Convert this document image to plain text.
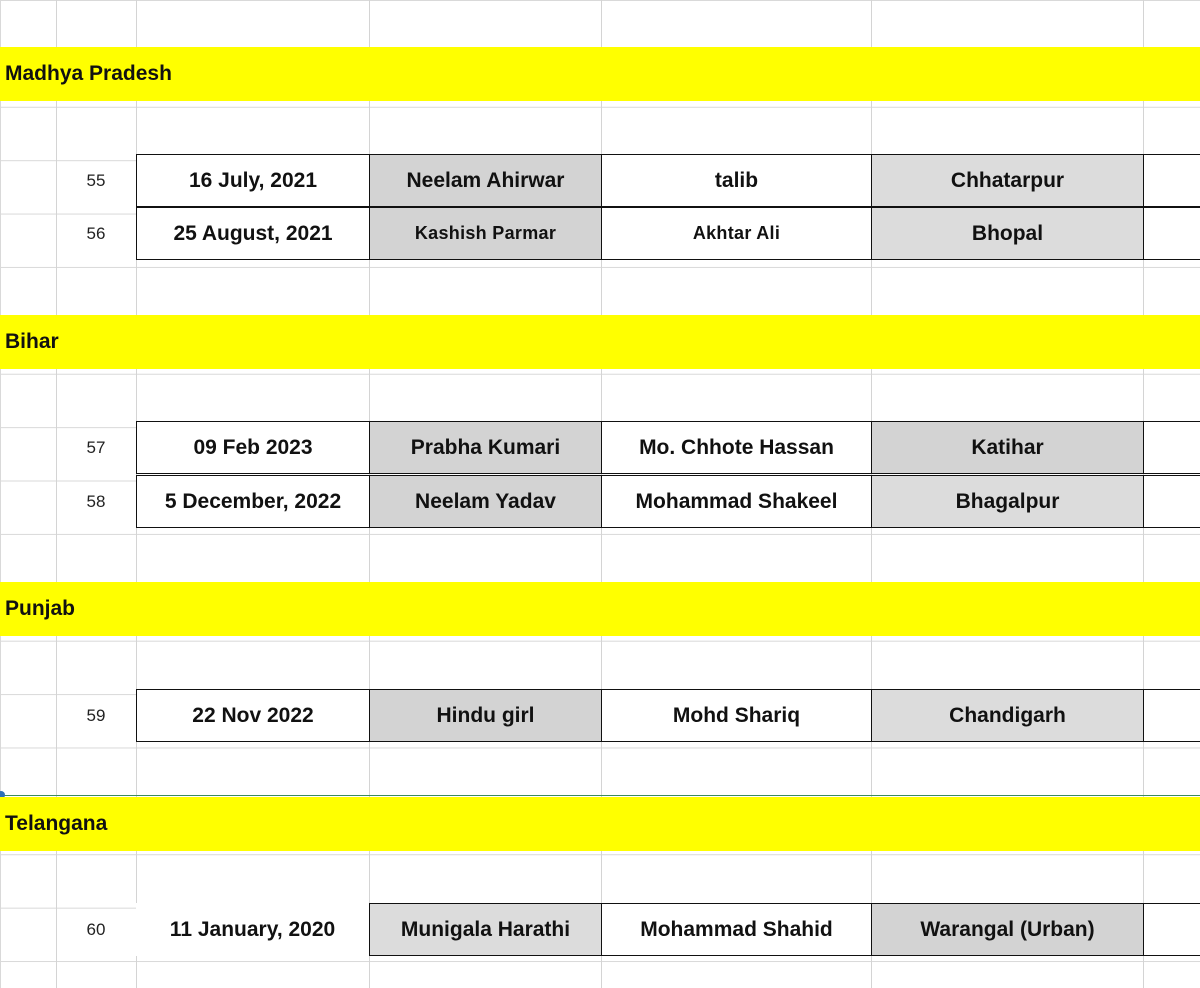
Madhya Pradesh
55	16 July, 2021	Neelam Ahirwar	talib	Chhatarpur
56	25 August, 2021	Kashish Parmar	Akhtar Ali	Bhopal
Bihar
57	09 Feb 2023	Prabha Kumari	Mo. Chhote Hassan	Katihar
58	5 December, 2022	Neelam Yadav	Mohammad Shakeel	Bhagalpur
Punjab
59	22 Nov 2022	Hindu girl	Mohd Shariq	Chandigarh
Telangana
60	11 January, 2020	Munigala Harathi	Mohammad Shahid	Warangal (Urban)
